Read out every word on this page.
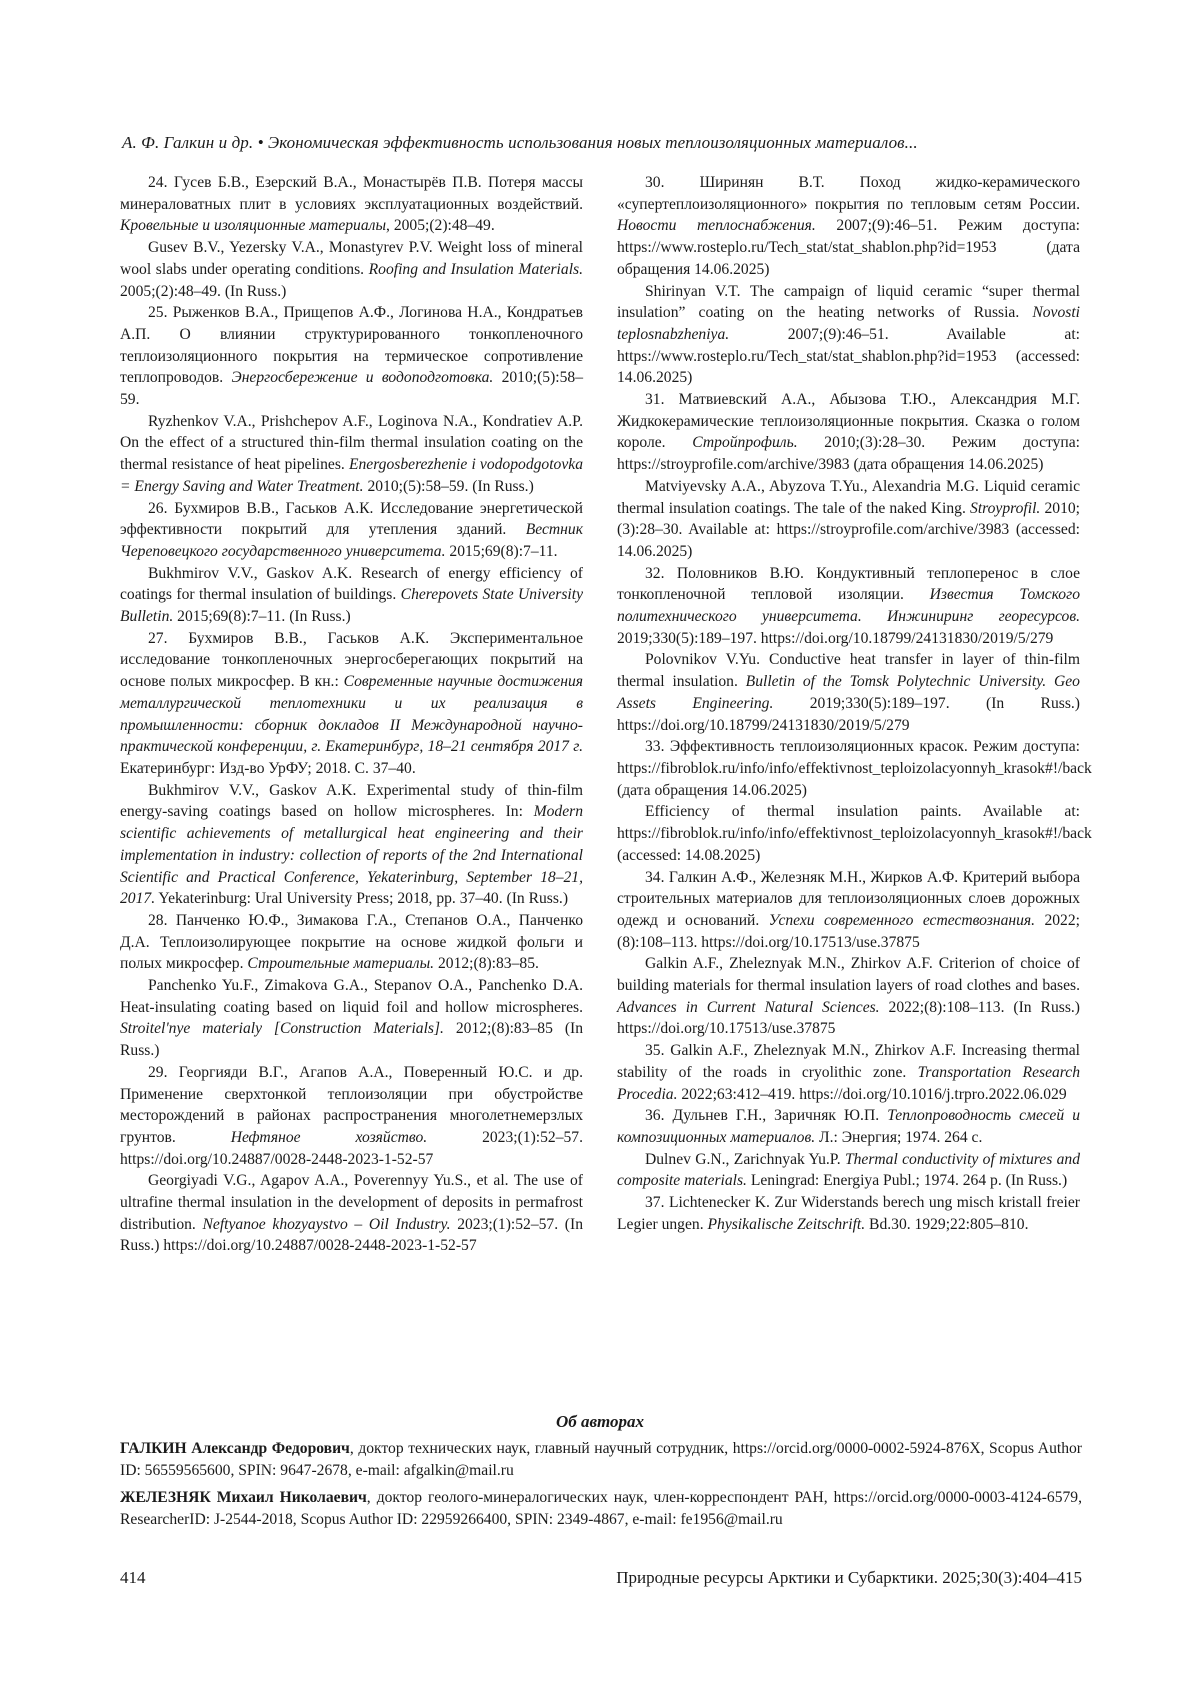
А. Ф. Галкин и др. • Экономическая эффективность использования новых теплоизоляционных материалов...

24. Гусев Б.В., Езерский В.А., Монастырёв П.В. Потеря массы минераловатных плит в условиях эксплуатационных воздействий. Кровельные и изоляционные материалы, 2005;(2):48–49.

Gusev B.V., Yezersky V.A., Monastyrev P.V. Weight loss of mineral wool slabs under operating conditions. Roofing and Insulation Materials. 2005;(2):48–49. (In Russ.)

25. Рыженков В.А., Прищепов А.Ф., Логинова Н.А., Кондратьев А.П. О влиянии структурированного тонкопленочного теплоизоляционного покрытия на термическое сопротивление теплопроводов. Энергосбережение и водоподготовка. 2010;(5):58–59.

Ryzhenkov V.A., Prishchepov A.F., Loginova N.A., Kondratiev A.P. On the effect of a structured thin-film thermal insulation coating on the thermal resistance of heat pipelines. Energosberezhenie i vodopodgotovka = Energy Saving and Water Treatment. 2010;(5):58–59. (In Russ.)

26. Бухмиров В.В., Гаськов А.К. Исследование энергетической эффективности покрытий для утепления зданий. Вестник Череповецкого государственного университета. 2015;69(8):7–11.

Bukhmirov V.V., Gaskov A.K. Research of energy efficiency of coatings for thermal insulation of buildings. Cherepovets State University Bulletin. 2015;69(8):7–11. (In Russ.)

27. Бухмиров В.В., Гаськов А.К. Экспериментальное исследование тонкопленочных энергосберегающих покрытий на основе полых микросфер. В кн.: Современные научные достижения металлургической теплотехники и их реализация в промышленности: сборник докладов II Международной научно-практической конференции, г. Екатеринбург, 18–21 сентября 2017 г. Екатеринбург: Изд-во УрФУ; 2018. С. 37–40.

Bukhmirov V.V., Gaskov A.K. Experimental study of thin-film energy-saving coatings based on hollow microspheres. In: Modern scientific achievements of metallurgical heat engineering and their implementation in industry: collection of reports of the 2nd International Scientific and Practical Conference, Yekaterinburg, September 18–21, 2017. Yekaterinburg: Ural University Press; 2018, pp. 37–40. (In Russ.)

28. Панченко Ю.Ф., Зимакова Г.А., Степанов О.А., Панченко Д.А. Теплоизолирующее покрытие на основе жидкой фольги и полых микросфер. Строительные материалы. 2012;(8):83–85.

Panchenko Yu.F., Zimakova G.A., Stepanov O.A., Panchenko D.A. Heat-insulating coating based on liquid foil and hollow microspheres. Stroitel'nye materialy [Construction Materials]. 2012;(8):83–85 (In Russ.)

29. Георгияди В.Г., Агапов А.А., Поверенный Ю.С. и др. Применение сверхтонкой теплоизоляции при обустройстве месторождений в районах распространения многолетнемерзлых грунтов. Нефтяное хозяйство. 2023;(1):52–57. https://doi.org/10.24887/0028-2448-2023-1-52-57

Georgiyadi V.G., Agapov A.A., Poverennyy Yu.S., et al. The use of ultrafine thermal insulation in the development of deposits in permafrost distribution. Neftyanoe khozyaystvo – Oil Industry. 2023;(1):52–57. (In Russ.) https://doi.org/10.24887/0028-2448-2023-1-52-57

30. Ширинян В.Т. Поход жидко-керамического «супертеплоизоляционного» покрытия по тепловым сетям России. Новости теплоснабжения. 2007;(9):46–51. Режим доступа: https://www.rosteplo.ru/Tech_stat/stat_shablon.php?id=1953 (дата обращения 14.06.2025)

Shirinyan V.T. The campaign of liquid ceramic “super thermal insulation” coating on the heating networks of Russia. Novosti teplosnabzheniya. 2007;(9):46–51. Available at: https://www.rosteplo.ru/Tech_stat/stat_shablon.php?id=1953 (accessed: 14.06.2025)

31. Матвиевский А.А., Абызова Т.Ю., Александрия М.Г. Жидкокерамические теплоизоляционные покрытия. Сказка о голом короле. Стройпрофиль. 2010;(3):28–30. Режим доступа: https://stroyprofile.com/archive/3983 (дата обращения 14.06.2025)

Matviyevsky A.A., Abyzova T.Yu., Alexandria M.G. Liquid ceramic thermal insulation coatings. The tale of the naked King. Stroyprofil. 2010;(3):28–30. Available at: https://stroyprofile.com/archive/3983 (accessed: 14.06.2025)

32. Половников В.Ю. Кондуктивный теплоперенос в слое тонкопленочной тепловой изоляции. Известия Томского политехнического университета. Инжиниринг георесурсов. 2019;330(5):189–197. https://doi.org/10.18799/24131830/2019/5/279

Polovnikov V.Yu. Conductive heat transfer in layer of thin-film thermal insulation. Bulletin of the Tomsk Polytechnic University. Geo Assets Engineering. 2019;330(5):189–197. (In Russ.) https://doi.org/10.18799/24131830/2019/5/279

33. Эффективность теплоизоляционных красок. Режим доступа: https://fibroblok.ru/info/info/effektivnost_teploizolacyonnyh_krasok#!/back (дата обращения 14.06.2025)

Efficiency of thermal insulation paints. Available at: https://fibroblok.ru/info/info/effektivnost_teploizolacyonnyh_krasok#!/back (accessed: 14.08.2025)

34. Галкин А.Ф., Железняк М.Н., Жирков А.Ф. Критерий выбора строительных материалов для теплоизоляционных слоев дорожных одежд и оснований. Успехи современного естествознания. 2022;(8):108–113. https://doi.org/10.17513/use.37875

Galkin A.F., Zheleznyak M.N., Zhirkov A.F. Criterion of choice of building materials for thermal insulation layers of road clothes and bases. Advances in Current Natural Sciences. 2022;(8):108–113. (In Russ.) https://doi.org/10.17513/use.37875

35. Galkin A.F., Zheleznyak M.N., Zhirkov A.F. Increasing thermal stability of the roads in cryolithic zone. Transportation Research Procedia. 2022;63:412–419. https://doi.org/10.1016/j.trpro.2022.06.029

36. Дульнев Г.Н., Заричняк Ю.П. Теплопроводность смесей и композиционных материалов. Л.: Энергия; 1974. 264 с.

Dulnev G.N., Zarichnyak Yu.P. Thermal conductivity of mixtures and composite materials. Leningrad: Energiya Publ.; 1974. 264 p. (In Russ.)

37. Lichtenecker K. Zur Widerstands berech ung misch kristall freier Legier ungen. Physikalische Zeitschrift. Bd.30. 1929;22:805–810.

Об авторах
ГАЛКИН Александр Федорович, доктор технических наук, главный научный сотрудник, https://orcid.org/0000-0002-5924-876X, Scopus Author ID: 56559565600, SPIN: 9647-2678, e-mail: afgalkin@mail.ru
ЖЕЛЕЗНЯК Михаил Николаевич, доктор геолого-минералогических наук, член-корреспондент РАН, https://orcid.org/0000-0003-4124-6579, ResearcherID: J-2544-2018, Scopus Author ID: 22959266400, SPIN: 2349-4867, e-mail: fe1956@mail.ru
414	Природные ресурсы Арктики и Субарктики. 2025;30(3):404–415
